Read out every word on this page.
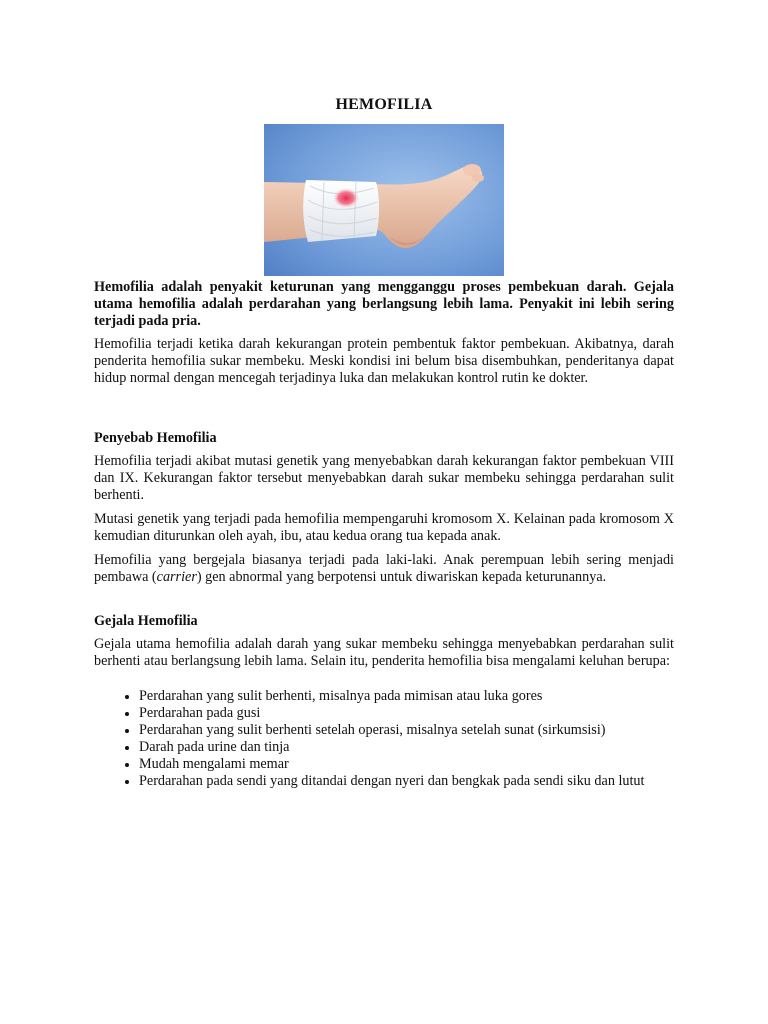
HEMOFILIA

Hemofilia adalah penyakit keturunan yang mengganggu proses pembekuan darah. Gejala utama hemofilia adalah perdarahan yang berlangsung lebih lama. Penyakit ini lebih sering terjadi pada pria.

Hemofilia terjadi ketika darah kekurangan protein pembentuk faktor pembekuan. Akibatnya, darah penderita hemofilia sukar membeku. Meski kondisi ini belum bisa disembuhkan, penderitanya dapat hidup normal dengan mencegah terjadinya luka dan melakukan kontrol rutin ke dokter.

Penyebab Hemofilia

Hemofilia terjadi akibat mutasi genetik yang menyebabkan darah kekurangan faktor pembekuan VIII dan IX. Kekurangan faktor tersebut menyebabkan darah sukar membeku sehingga perdarahan sulit berhenti.

Mutasi genetik yang terjadi pada hemofilia mempengaruhi kromosom X. Kelainan pada kromosom X kemudian diturunkan oleh ayah, ibu, atau kedua orang tua kepada anak.

Hemofilia yang bergejala biasanya terjadi pada laki-laki. Anak perempuan lebih sering menjadi pembawa (carrier) gen abnormal yang berpotensi untuk diwariskan kepada keturunannya.

Gejala Hemofilia

Gejala utama hemofilia adalah darah yang sukar membeku sehingga menyebabkan perdarahan sulit berhenti atau berlangsung lebih lama. Selain itu, penderita hemofilia bisa mengalami keluhan berupa:

• Perdarahan yang sulit berhenti, misalnya pada mimisan atau luka gores
• Perdarahan pada gusi
• Perdarahan yang sulit berhenti setelah operasi, misalnya setelah sunat (sirkumsisi)
• Darah pada urine dan tinja
• Mudah mengalami memar
• Perdarahan pada sendi yang ditandai dengan nyeri dan bengkak pada sendi siku dan lutut
